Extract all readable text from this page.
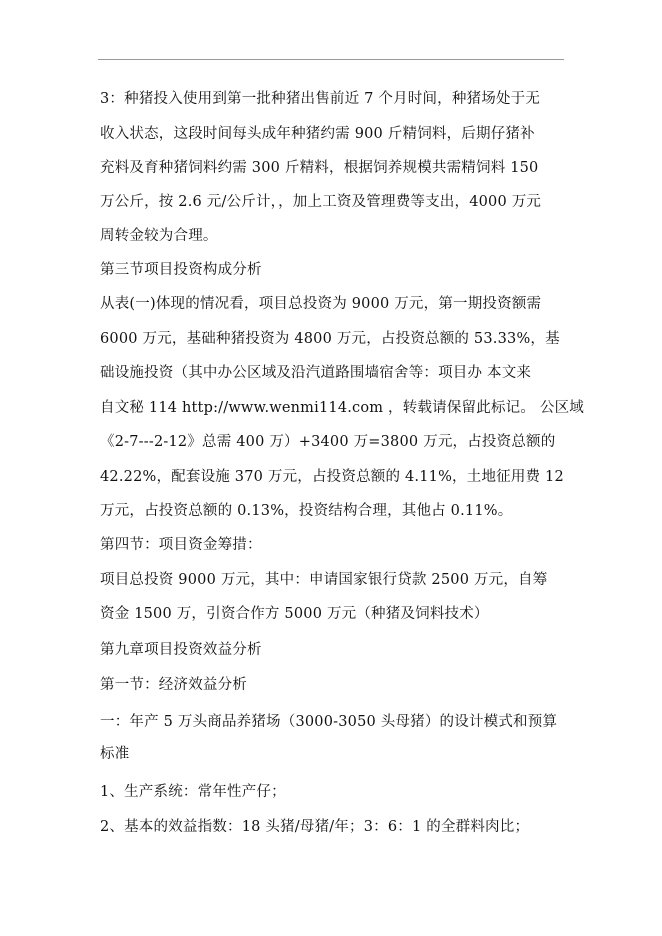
3：种猪投入使用到第一批种猪出售前近 7 个月时间，种猪场处于无
收入状态，这段时间每头成年种猪约需 900 斤精饲料，后期仔猪补
充料及育种猪饲料约需 300 斤精料，根据饲养规模共需精饲料 150
万公斤，按 2.6 元/公斤计，，加上工资及管理费等支出，4000 万元
周转金较为合理。
第三节项目投资构成分析
从表(一)体现的情况看，项目总投资为 9000 万元，第一期投资额需
6000 万元，基础种猪投资为 4800 万元，占投资总额的 53.33%，基
础设施投资（其中办公区域及沿汽道路围墙宿舍等：项目办 本文来
自文秘 114 http://www.wenmi114.com ，转载请保留此标记。 公区域
《2-7---2-12》总需 400 万）+3400 万=3800 万元，占投资总额的
42.22%，配套设施 370 万元，占投资总额的 4.11%，土地征用费 12
万元，占投资总额的 0.13%，投资结构合理，其他占 0.11%。
第四节：项目资金筹措：
项目总投资 9000 万元，其中：申请国家银行贷款 2500 万元，自筹
资金 1500 万，引资合作方 5000 万元（种猪及饲料技术）
第九章项目投资效益分析
第一节：经济效益分析
一：年产 5 万头商品养猪场（3000-3050 头母猪）的设计模式和预算
标准
1、生产系统：常年性产仔；
2、基本的效益指数：18 头猪/母猪/年；3：6：1 的全群料肉比；
